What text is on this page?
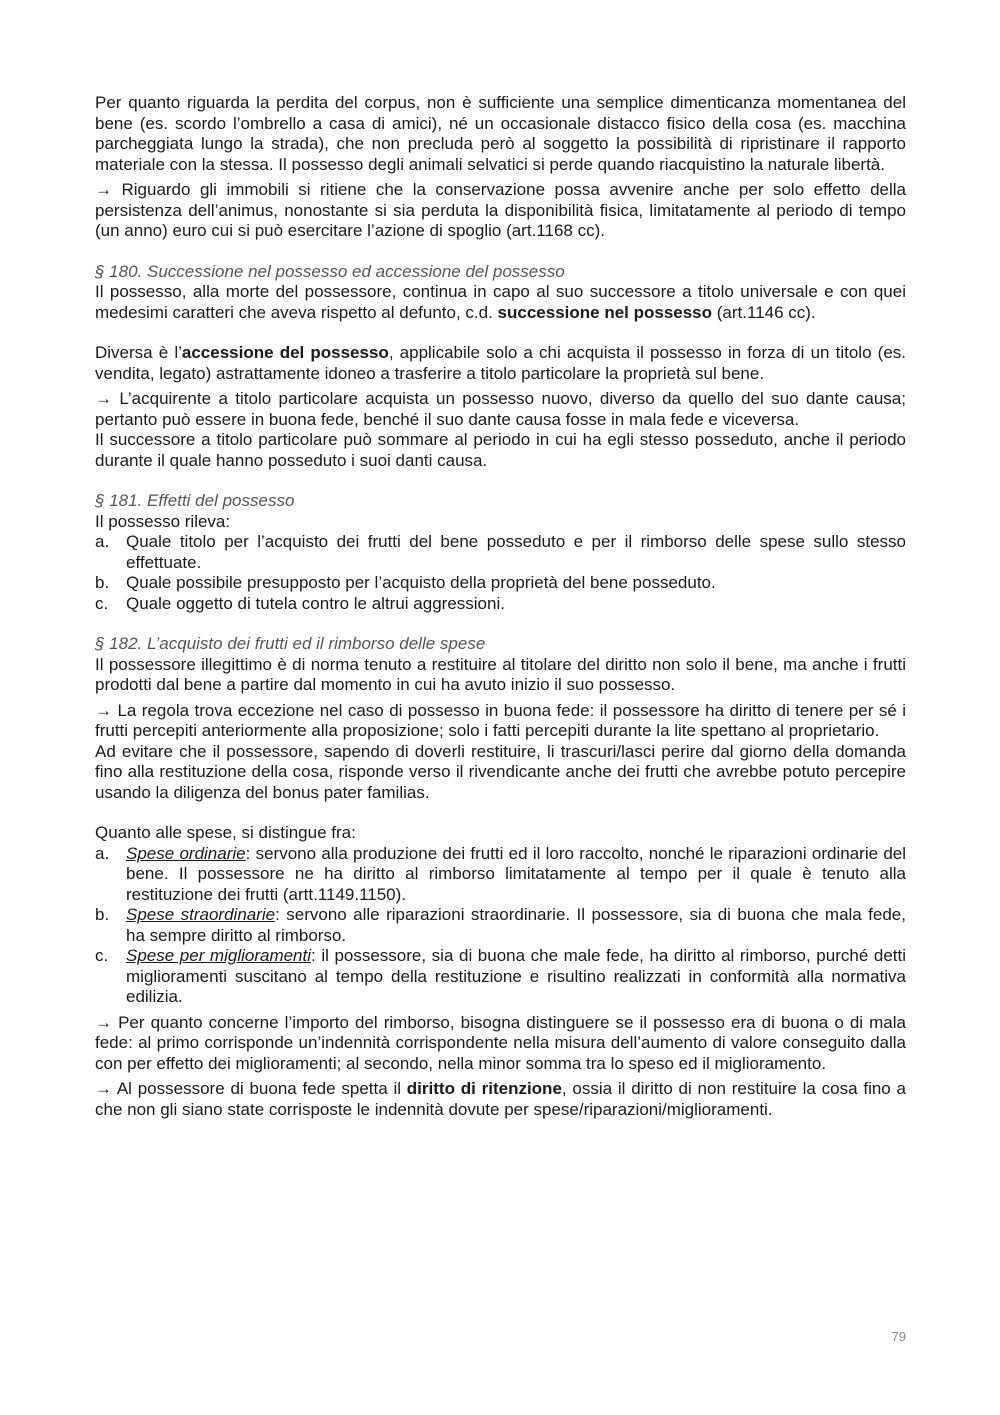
Per quanto riguarda la perdita del corpus, non è sufficiente una semplice dimenticanza momentanea del bene (es. scordo l’ombrello a casa di amici), né un occasionale distacco fisico della cosa (es. macchina parcheggiata lungo la strada), che non precluda però al soggetto la possibilità di ripristinare il rapporto materiale con la stessa. Il possesso degli animali selvatici si perde quando riacquistino la naturale libertà.

→ Riguardo gli immobili si ritiene che la conservazione possa avvenire anche per solo effetto della persistenza dell’animus, nonostante si sia perduta la disponibilità fisica, limitatamente al periodo di tempo (un anno) euro cui si può esercitare l’azione di spoglio (art.1168 cc).

§ 180. Successione nel possesso ed accessione del possesso

Il possesso, alla morte del possessore, continua in capo al suo successore a titolo universale e con quei medesimi caratteri che aveva rispetto al defunto, c.d. successione nel possesso (art.1146 cc).

Diversa è l’accessione del possesso, applicabile solo a chi acquista il possesso in forza di un titolo (es. vendita, legato) astrattamente idoneo a trasferire a titolo particolare la proprietà sul bene.

→ L’acquirente a titolo particolare acquista un possesso nuovo, diverso da quello del suo dante causa; pertanto può essere in buona fede, benché il suo dante causa fosse in mala fede e viceversa.

Il successore a titolo particolare può sommare al periodo in cui ha egli stesso posseduto, anche il periodo durante il quale hanno posseduto i suoi danti causa.

§ 181. Effetti del possesso

Il possesso rileva:

a. Quale titolo per l’acquisto dei frutti del bene posseduto e per il rimborso delle spese sullo stesso effettuate.
b. Quale possibile presupposto per l’acquisto della proprietà del bene posseduto.
c. Quale oggetto di tutela contro le altrui aggressioni.

§ 182. L’acquisto dei frutti ed il rimborso delle spese

Il possessore illegittimo è di norma tenuto a restituire al titolare del diritto non solo il bene, ma anche i frutti prodotti dal bene a partire dal momento in cui ha avuto inizio il suo possesso.

→ La regola trova eccezione nel caso di possesso in buona fede: il possessore ha diritto di tenere per sé i frutti percepiti anteriormente alla proposizione; solo i fatti percepiti durante la lite spettano al proprietario.

Ad evitare che il possessore, sapendo di doverli restituire, li trascuri/lasci perire dal giorno della domanda fino alla restituzione della cosa, risponde verso il rivendicante anche dei frutti che avrebbe potuto percepire usando la diligenza del bonus pater familias.

Quanto alle spese, si distingue fra:

a. Spese ordinarie: servono alla produzione dei frutti ed il loro raccolto, nonché le riparazioni ordinarie del bene. Il possessore ne ha diritto al rimborso limitatamente al tempo per il quale è tenuto alla restituzione dei frutti (artt.1149.1150).
b. Spese straordinarie: servono alle riparazioni straordinarie. Il possessore, sia di buona che mala fede, ha sempre diritto al rimborso.
c. Spese per miglioramenti: il possessore, sia di buona che male fede, ha diritto al rimborso, purché detti miglioramenti suscitano al tempo della restituzione e risultino realizzati in conformità alla normativa edilizia.

→ Per quanto concerne l’importo del rimborso, bisogna distinguere se il possesso era di buona o di mala fede: al primo corrisponde un’indennità corrispondente nella misura dell’aumento di valore conseguito dalla con per effetto dei miglioramenti; al secondo, nella minor somma tra lo speso ed il miglioramento.

→ Al possessore di buona fede spetta il diritto di ritenzione, ossia il diritto di non restituire la cosa fino a che non gli siano state corrisposte le indennità dovute per spese/riparazioni/miglioramenti.

79
